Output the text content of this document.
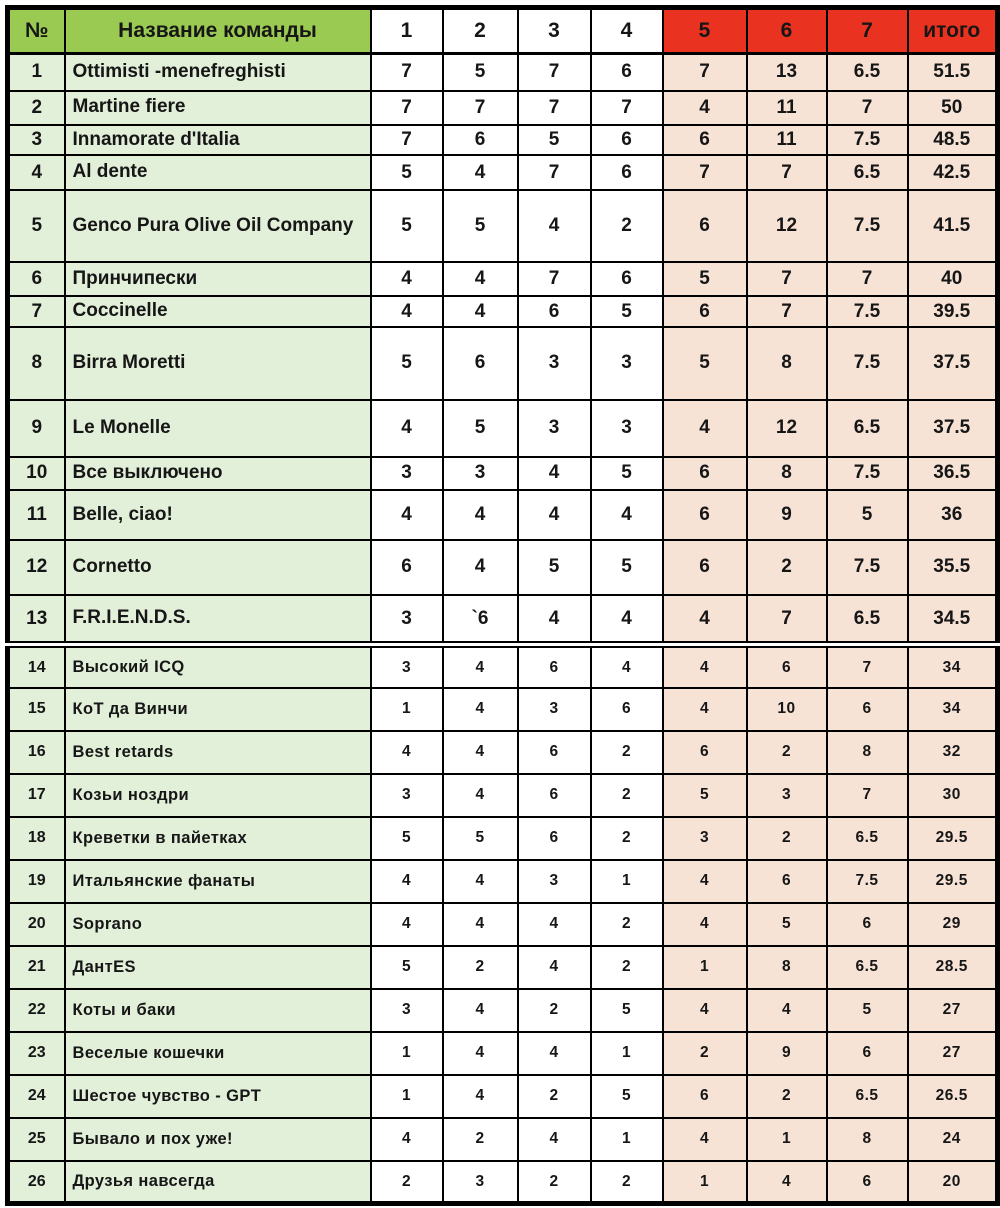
№	Название команды	1	2	3	4	5	6	7	итого
1	Ottimisti -menefreghisti	7	5	7	6	7	13	6.5	51.5
2	Martine fiere	7	7	7	7	4	11	7	50
3	Innamorate d'Italia	7	6	5	6	6	11	7.5	48.5
4	Al dente	5	4	7	6	7	7	6.5	42.5
5	Genco Pura Olive Oil Company	5	5	4	2	6	12	7.5	41.5
6	Принчипески	4	4	7	6	5	7	7	40
7	Coccinelle	4	4	6	5	6	7	7.5	39.5
8	Birra Moretti	5	6	3	3	5	8	7.5	37.5
9	Le Monelle	4	5	3	3	4	12	6.5	37.5
10	Все выключено	3	3	4	5	6	8	7.5	36.5
11	Belle, ciao!	4	4	4	4	6	9	5	36
12	Cornetto	6	4	5	5	6	2	7.5	35.5
13	F.R.I.E.N.D.S.	3	`6	4	4	4	7	6.5	34.5
14	Высокий ICQ	3	4	6	4	4	6	7	34
15	КоТ да Винчи	1	4	3	6	4	10	6	34
16	Best retards	4	4	6	2	6	2	8	32
17	Козьи ноздри	3	4	6	2	5	3	7	30
18	Креветки в пайетках	5	5	6	2	3	2	6.5	29.5
19	Итальянские фанаты	4	4	3	1	4	6	7.5	29.5
20	Soprano	4	4	4	2	4	5	6	29
21	ДантES	5	2	4	2	1	8	6.5	28.5
22	Коты и баки	3	4	2	5	4	4	5	27
23	Веселые кошечки	1	4	4	1	2	9	6	27
24	Шестое чувство - GPT	1	4	2	5	6	2	6.5	26.5
25	Бывало и пох уже!	4	2	4	1	4	1	8	24
26	Друзья навсегда	2	3	2	2	1	4	6	20
